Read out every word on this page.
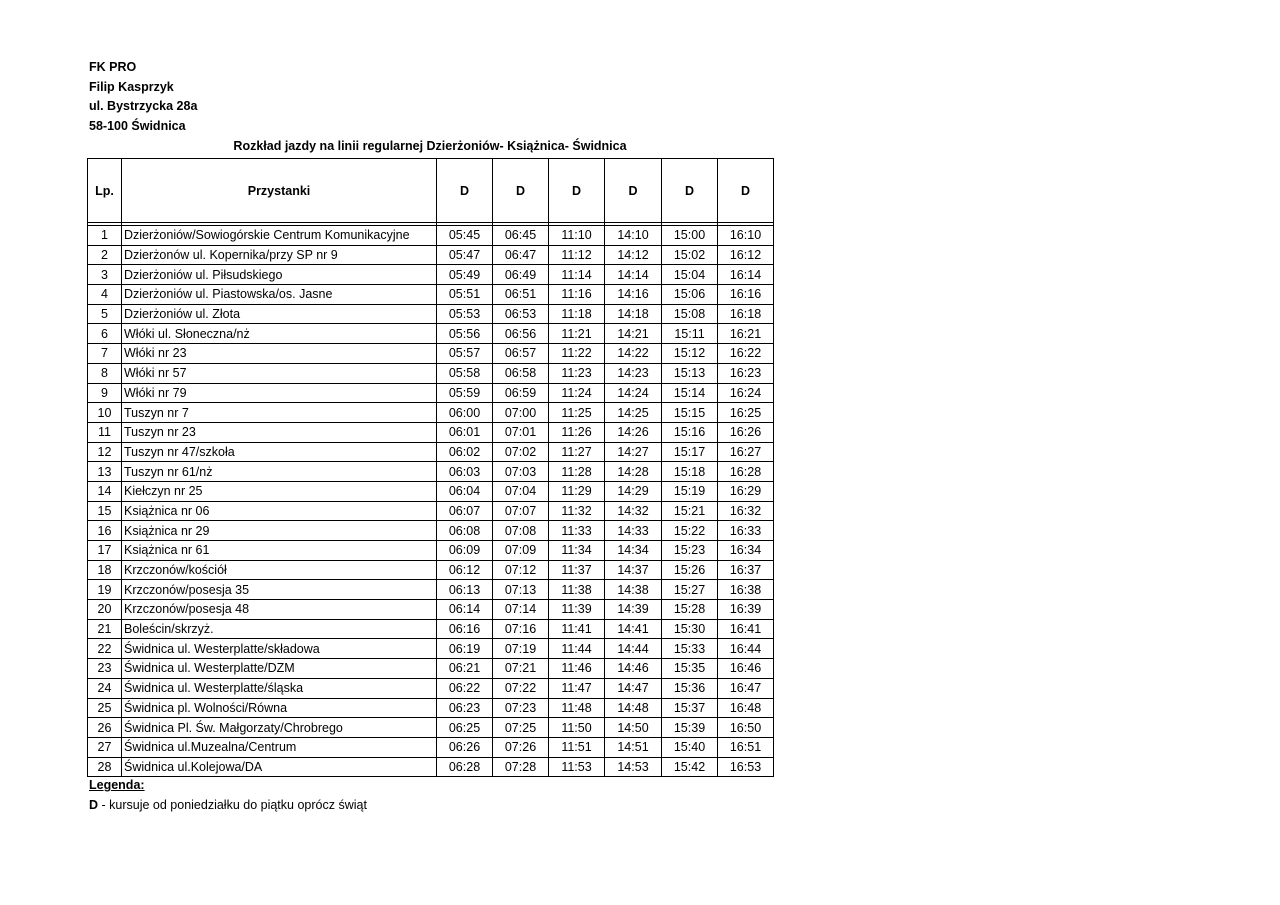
FK PRO
Filip Kasprzyk
ul. Bystrzycka 28a
58-100 Świdnica
Rozkład jazdy na linii regularnej Dzierżoniów- Książnica- Świdnica
Lp.	Przystanki	D	D	D	D	D	D

1	Dzierżoniów/Sowiogórskie Centrum Komunikacyjne	05:45	06:45	11:10	14:10	15:00	16:10
2	Dzierżonów ul. Kopernika/przy SP nr 9	05:47	06:47	11:12	14:12	15:02	16:12
3	Dzierżoniów ul. Piłsudskiego	05:49	06:49	11:14	14:14	15:04	16:14
4	Dzierżoniów ul. Piastowska/os. Jasne	05:51	06:51	11:16	14:16	15:06	16:16
5	Dzierżoniów ul. Złota	05:53	06:53	11:18	14:18	15:08	16:18
6	Włóki ul. Słoneczna/nż	05:56	06:56	11:21	14:21	15:11	16:21
7	Włóki nr 23	05:57	06:57	11:22	14:22	15:12	16:22
8	Włóki nr 57	05:58	06:58	11:23	14:23	15:13	16:23
9	Włóki nr 79	05:59	06:59	11:24	14:24	15:14	16:24
10	Tuszyn nr 7	06:00	07:00	11:25	14:25	15:15	16:25
11	Tuszyn nr 23	06:01	07:01	11:26	14:26	15:16	16:26
12	Tuszyn nr 47/szkoła	06:02	07:02	11:27	14:27	15:17	16:27
13	Tuszyn nr 61/nż	06:03	07:03	11:28	14:28	15:18	16:28
14	Kiełczyn nr 25	06:04	07:04	11:29	14:29	15:19	16:29
15	Książnica nr 06	06:07	07:07	11:32	14:32	15:21	16:32
16	Książnica nr 29	06:08	07:08	11:33	14:33	15:22	16:33
17	Książnica nr 61	06:09	07:09	11:34	14:34	15:23	16:34
18	Krzczonów/kościół	06:12	07:12	11:37	14:37	15:26	16:37
19	Krzczonów/posesja 35	06:13	07:13	11:38	14:38	15:27	16:38
20	Krzczonów/posesja 48	06:14	07:14	11:39	14:39	15:28	16:39
21	Boleścin/skrzyż.	06:16	07:16	11:41	14:41	15:30	16:41
22	Świdnica ul. Westerplatte/składowa	06:19	07:19	11:44	14:44	15:33	16:44
23	Świdnica ul. Westerplatte/DZM	06:21	07:21	11:46	14:46	15:35	16:46
24	Świdnica ul. Westerplatte/śląska	06:22	07:22	11:47	14:47	15:36	16:47
25	Świdnica pl. Wolności/Równa	06:23	07:23	11:48	14:48	15:37	16:48
26	Świdnica Pl. Św. Małgorzaty/Chrobrego	06:25	07:25	11:50	14:50	15:39	16:50
27	Świdnica ul.Muzealna/Centrum	06:26	07:26	11:51	14:51	15:40	16:51
28	Świdnica ul.Kolejowa/DA	06:28	07:28	11:53	14:53	15:42	16:53
Legenda:
D - kursuje od poniedziałku do piątku oprócz świąt
